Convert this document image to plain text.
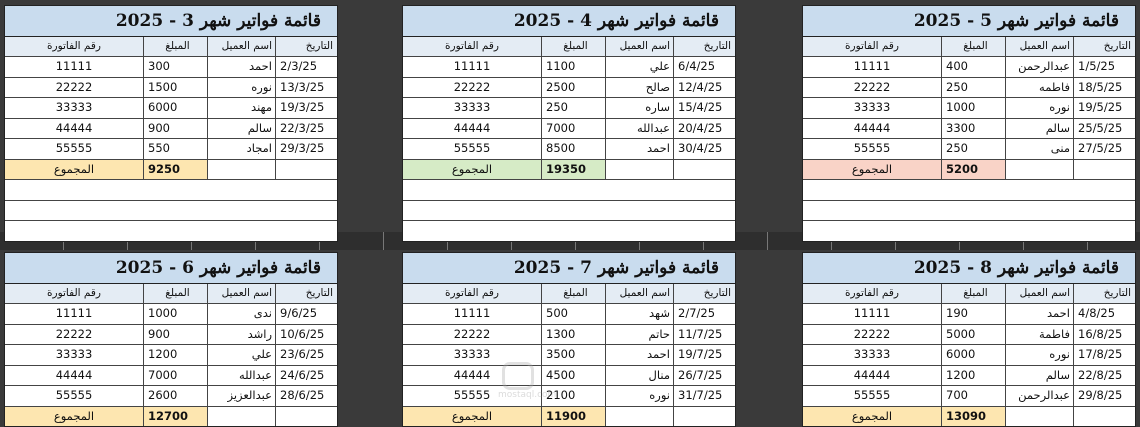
قائمة فواتير شهر 3 - 2025
التاريخ
اسم العميل
المبلغ
رقم الفاتورة
2/3/25
احمد
300
11111
13/3/25
نوره
1500
22222
19/3/25
مهند
6000
33333
22/3/25
سالم
900
44444
29/3/25
امجاد
550
55555
9250
المجموع
قائمة فواتير شهر 4 - 2025
التاريخ
اسم العميل
المبلغ
رقم الفاتورة
6/4/25
علي
1100
11111
12/4/25
صالح
2500
22222
15/4/25
ساره
250
33333
20/4/25
عبدالله
7000
44444
30/4/25
احمد
8500
55555
19350
المجموع
قائمة فواتير شهر 5 - 2025
التاريخ
اسم العميل
المبلغ
رقم الفاتورة
1/5/25
عبدالرحمن
400
11111
18/5/25
فاطمه
250
22222
19/5/25
نوره
1000
33333
25/5/25
سالم
3300
44444
27/5/25
منى
250
55555
5200
المجموع
قائمة فواتير شهر 6 - 2025
التاريخ
اسم العميل
المبلغ
رقم الفاتورة
9/6/25
ندى
1000
11111
10/6/25
راشد
900
22222
23/6/25
علي
1200
33333
24/6/25
عبدالله
7000
44444
28/6/25
عبدالعزيز
2600
55555
12700
المجموع
قائمة فواتير شهر 7 - 2025
التاريخ
اسم العميل
المبلغ
رقم الفاتورة
2/7/25
شهد
500
11111
11/7/25
حاتم
1300
22222
19/7/25
احمد
3500
33333
26/7/25
منال
4500
44444
31/7/25
نوره
2100
55555
11900
المجموع
قائمة فواتير شهر 8 - 2025
التاريخ
اسم العميل
المبلغ
رقم الفاتورة
4/8/25
احمد
190
11111
16/8/25
فاطمة
5000
22222
17/8/25
نوره
6000
33333
22/8/25
سالم
1200
44444
29/8/25
عبدالرحمن
700
55555
13090
المجموع
mostaql.com
